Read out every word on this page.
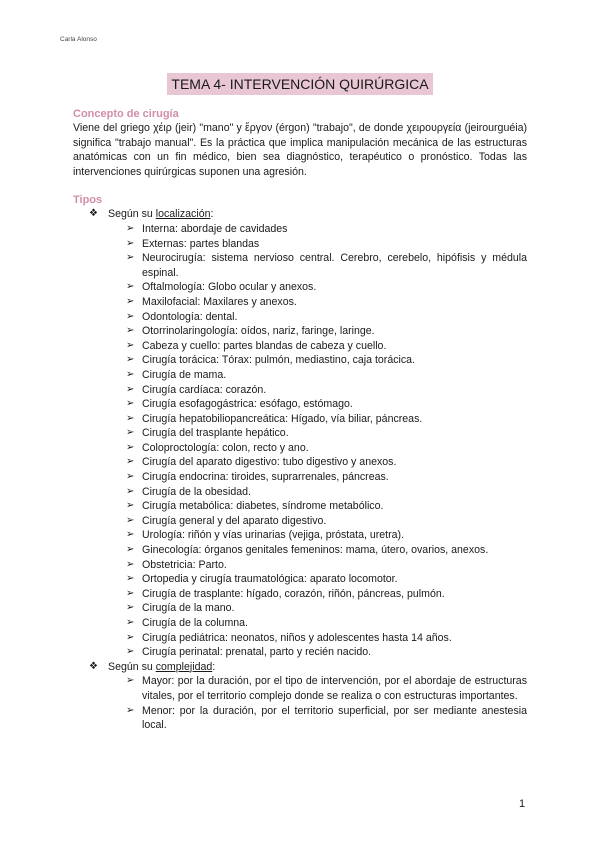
Carla Alonso
TEMA 4- INTERVENCIÓN QUIRÚRGICA
Concepto de cirugía

Viene del griego χέιρ (jeir) "mano" y ἔργον (érgon) "trabajo", de donde χειρουργεία (jeirourguéia) significa "trabajo manual". Es la práctica que implica manipulación mecánica de las estructuras anatómicas con un fin médico, bien sea diagnóstico, terapéutico o pronóstico. Todas las intervenciones quirúrgicas suponen una agresión.

Tipos
❖ Según su localización:
➢ Interna: abordaje de cavidades
➢ Externas: partes blandas
➢ Neurocirugía: sistema nervioso central. Cerebro, cerebelo, hipófisis y médula espinal.
➢ Oftalmología: Globo ocular y anexos.
➢ Maxilofacial: Maxilares y anexos.
➢ Odontología: dental.
➢ Otorrinolaringología: oídos, nariz, faringe, laringe.
➢ Cabeza y cuello: partes blandas de cabeza y cuello.
➢ Cirugía torácica: Tórax: pulmón, mediastino, caja torácica.
➢ Cirugía de mama.
➢ Cirugía cardíaca: corazón.
➢ Cirugía esofagogástrica: esófago, estómago.
➢ Cirugía hepatobiliopancreática: Hígado, vía biliar, páncreas.
➢ Cirugía del trasplante hepático.
➢ Coloproctología: colon, recto y ano.
➢ Cirugía del aparato digestivo: tubo digestivo y anexos.
➢ Cirugía endocrina: tiroides, suprarrenales, páncreas.
➢ Cirugía de la obesidad.
➢ Cirugía metabólica: diabetes, síndrome metabólico.
➢ Cirugía general y del aparato digestivo.
➢ Urología: riñón y vías urinarias (vejiga, próstata, uretra).
➢ Ginecología: órganos genitales femeninos: mama, útero, ovarios, anexos.
➢ Obstetricia: Parto.
➢ Ortopedia y cirugía traumatológica: aparato locomotor.
➢ Cirugía de trasplante: hígado, corazón, riñón, páncreas, pulmón.
➢ Cirugía de la mano.
➢ Cirugía de la columna.
➢ Cirugía pediátrica: neonatos, niños y adolescentes hasta 14 años.
➢ Cirugía perinatal: prenatal, parto y recién nacido.
❖ Según su complejidad:
➢ Mayor: por la duración, por el tipo de intervención, por el abordaje de estructuras vitales, por el territorio complejo donde se realiza o con estructuras importantes.
➢ Menor: por la duración, por el territorio superficial, por ser mediante anestesia local.
1
